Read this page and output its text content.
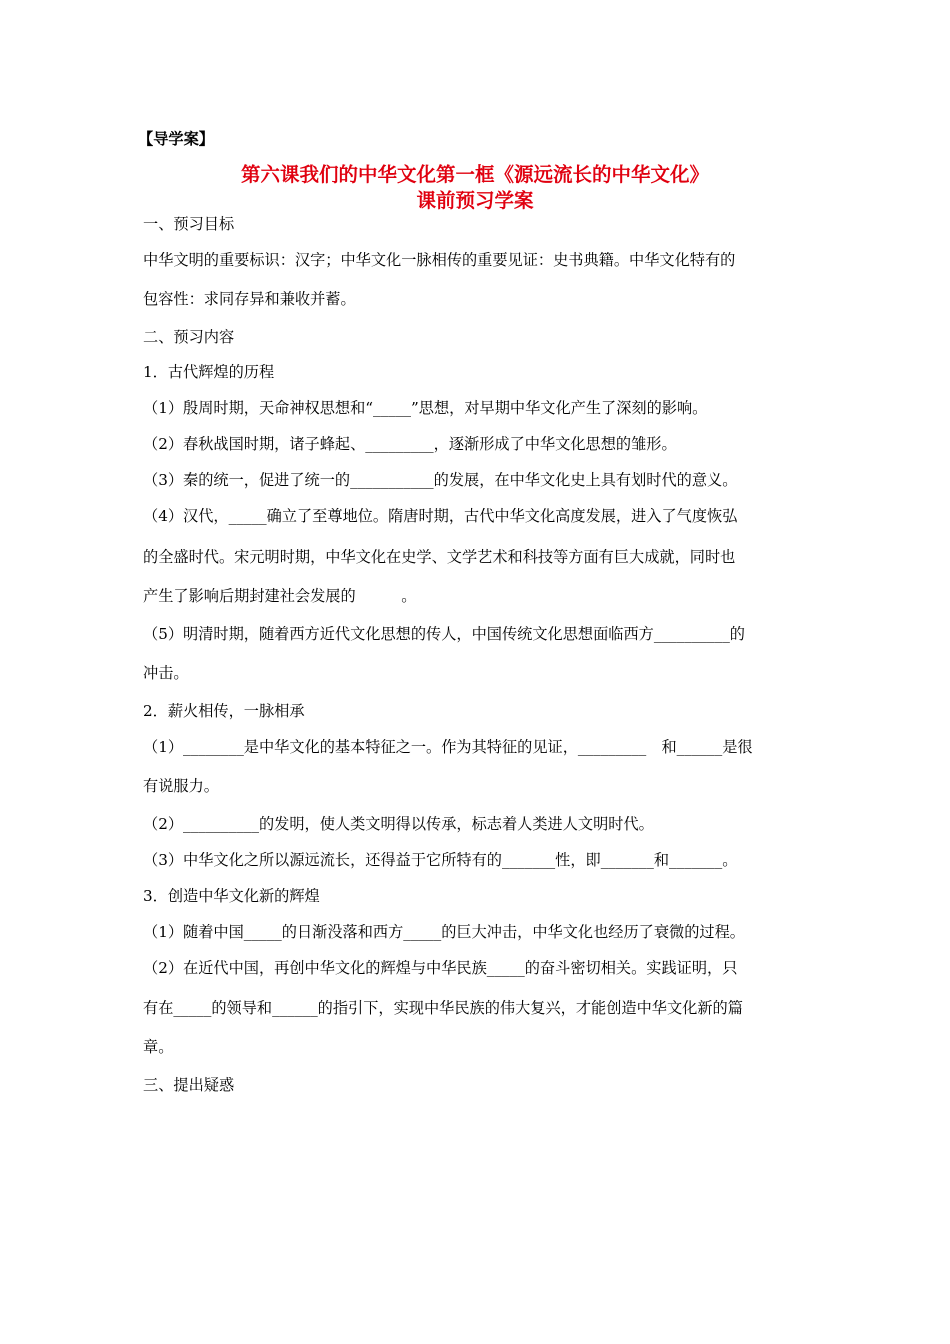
【导学案】
第六课我们的中华文化第一框《源远流长的中华文化》
课前预习学案
一、预习目标
中华文明的重要标识：汉字；中华文化一脉相传的重要见证：史书典籍。中华文化特有的
包容性：求同存异和兼收并蓄。
二、预习内容
1．古代辉煌的历程
（1）殷周时期，天命神权思想和“_____”思想，对早期中华文化产生了深刻的影响。
（2）春秋战国时期，诸子蜂起、_________，逐渐形成了中华文化思想的雏形。
（3）秦的统一，促进了统一的___________的发展，在中华文化史上具有划时代的意义。
（4）汉代，_____确立了至尊地位。隋唐时期，古代中华文化高度发展，进入了气度恢弘
的全盛时代。宋元明时期，中华文化在史学、文学艺术和科技等方面有巨大成就，同时也
产生了影响后期封建社会发展的　　　。
（5）明清时期，随着西方近代文化思想的传人，中国传统文化思想面临西方__________的
冲击。
2．薪火相传，一脉相承
（1）________是中华文化的基本特征之一。作为其特征的见证，_________　和______是很
有说服力。
（2）__________的发明，使人类文明得以传承，标志着人类进人文明时代。
（3）中华文化之所以源远流长，还得益于它所特有的_______性，即_______和_______。
3．创造中华文化新的辉煌
（1）随着中国_____的日渐没落和西方_____的巨大冲击，中华文化也经历了衰微的过程。
（2）在近代中国，再创中华文化的辉煌与中华民族_____的奋斗密切相关。实践证明，只
有在_____的领导和______的指引下，实现中华民族的伟大复兴，才能创造中华文化新的篇
章。
三、提出疑惑
